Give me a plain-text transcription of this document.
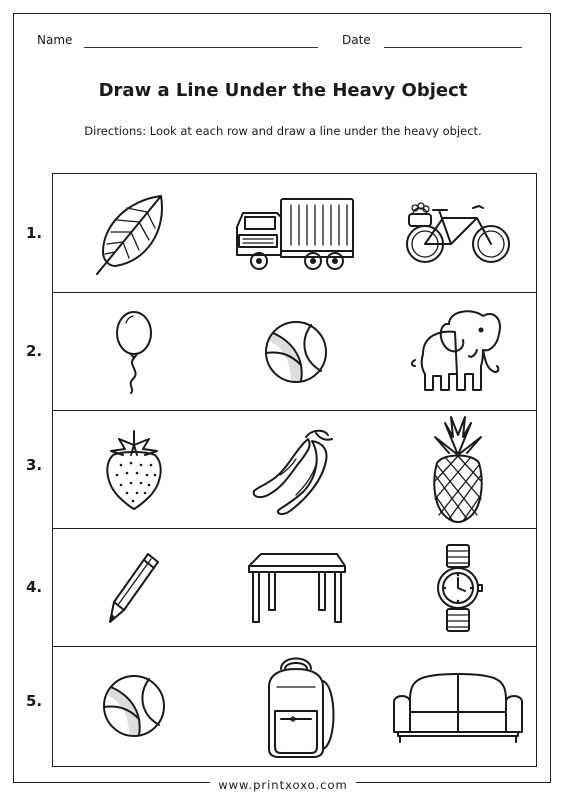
Name	Date
Draw a Line Under the Heavy Object
Directions: Look at each row and draw a line under the heavy object.
1.
2.
3.
4.
5.
www.printxoxo.com
